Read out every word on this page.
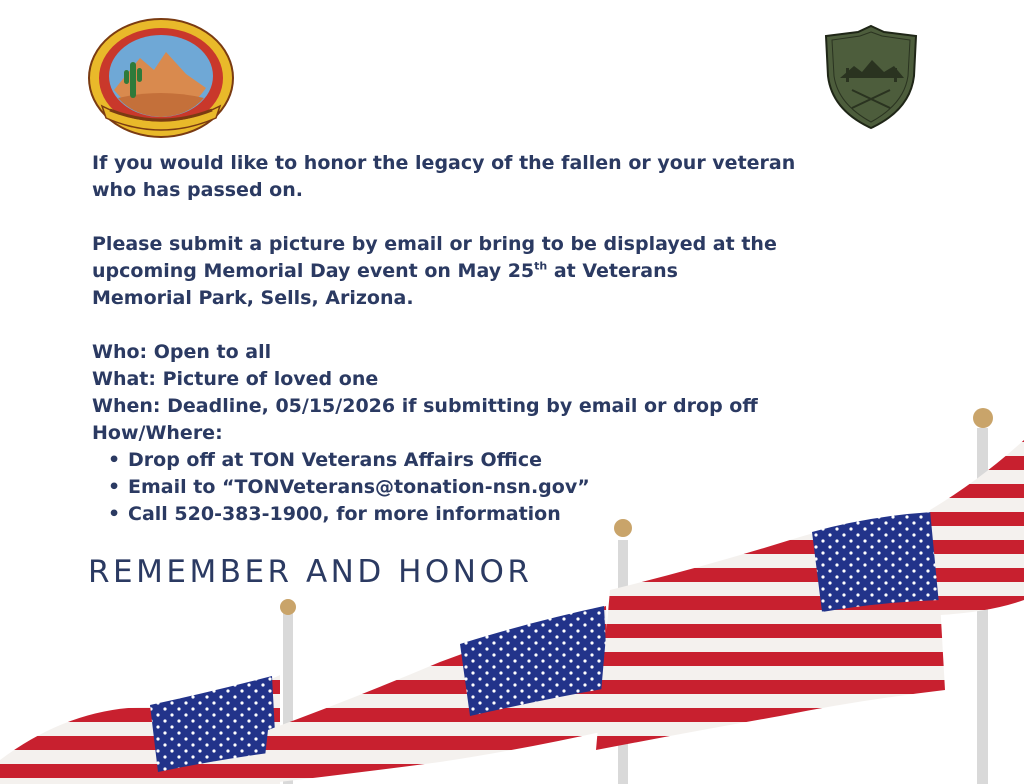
If you would like to honor the legacy of the fallen or your veteran

who has passed on.

Please submit a picture by email or bring to be displayed at the

upcoming Memorial Day event on May 25th at Veterans

Memorial Park, Sells, Arizona.

Who: Open to all

What: Picture of loved one

When: Deadline, 05/15/2026 if submitting by email or drop off

How/Where:

• Drop off at TON Veterans Affairs Office
• Email to “TONVeterans@tonation-nsn.gov”
• Call 520-383-1900, for more information
REMEMBER AND HONOR
